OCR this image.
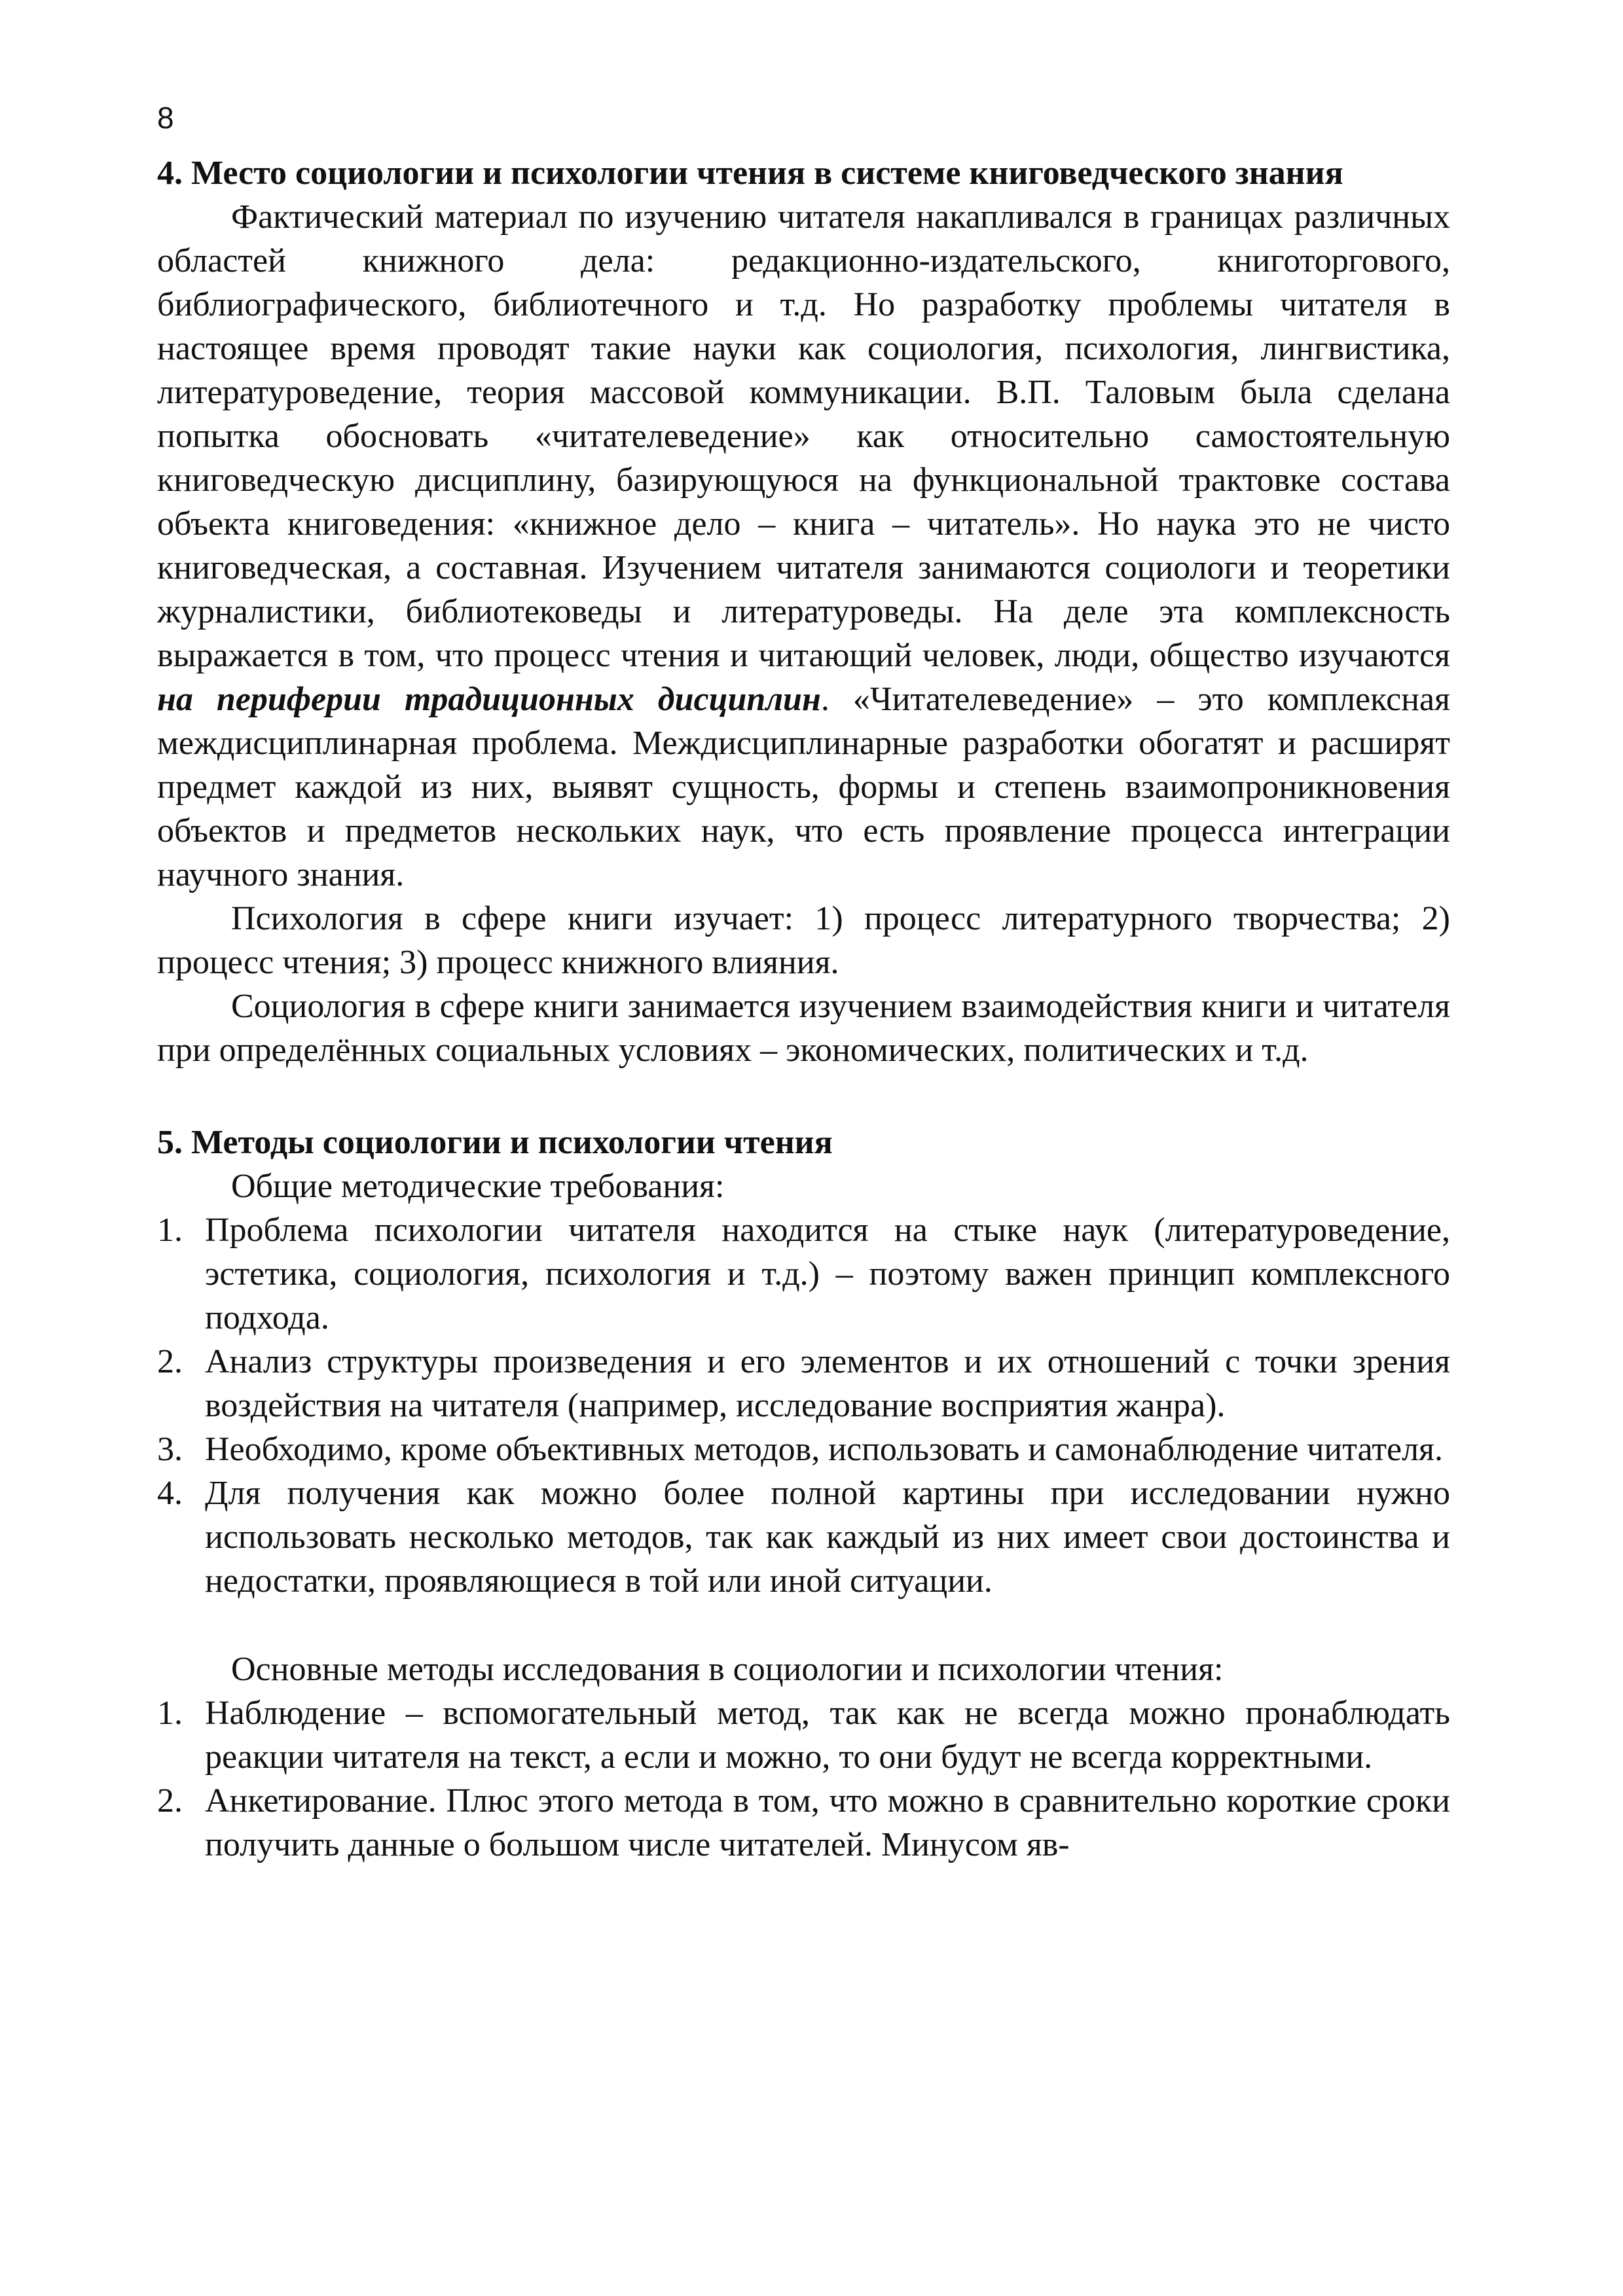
8
4. Место социологии и психологии чтения в системе книговедческого знания

Фактический материал по изучению читателя накапливался в границах различных областей книжного дела: редакционно-издательского, книготоргового, библиографического, библиотечного и т.д. Но разработку проблемы читателя в настоящее время проводят такие науки как социология, психология, лингвистика, литературоведение, теория массовой коммуникации. В.П. Таловым была сделана попытка обосновать «читателеведение» как относительно самостоятельную книговедческую дисциплину, базирующуюся на функциональной трактовке состава объекта книговедения: «книжное дело – книга – читатель». Но наука это не чисто книговедческая, а составная. Изучением читателя занимаются социологи и теоретики журналистики, библиотековеды и литературоведы. На деле эта комплексность выражается в том, что процесс чтения и читающий человек, люди, общество изучаются на периферии традиционных дисциплин. «Читателеведение» – это комплексная междисциплинарная проблема. Междисциплинарные разработки обогатят и расширят предмет каждой из них, выявят сущность, формы и степень взаимопроникновения объектов и предметов нескольких наук, что есть проявление процесса интеграции научного знания.

Психология в сфере книги изучает: 1) процесс литературного творчества; 2) процесс чтения; 3) процесс книжного влияния.

Социология в сфере книги занимается изучением взаимодействия книги и читателя при определённых социальных условиях – экономических, политических и т.д.

5. Методы социологии и психологии чтения

Общие методические требования:

1. Проблема психологии читателя находится на стыке наук (литературоведение, эстетика, социология, психология и т.д.) – поэтому важен принцип комплексного подхода.
2. Анализ структуры произведения и его элементов и их отношений с точки зрения воздействия на читателя (например, исследование восприятия жанра).
3. Необходимо, кроме объективных методов, использовать и самонаблюдение читателя.
4. Для получения как можно более полной картины при исследовании нужно использовать несколько методов, так как каждый из них имеет свои достоинства и недостатки, проявляющиеся в той или иной ситуации.

Основные методы исследования в социологии и психологии чтения:

1. Наблюдение – вспомогательный метод, так как не всегда можно пронаблюдать реакции читателя на текст, а если и можно, то они будут не всегда корректными.
2. Анкетирование. Плюс этого метода в том, что можно в сравнительно короткие сроки получить данные о большом числе читателей. Минусом яв-
